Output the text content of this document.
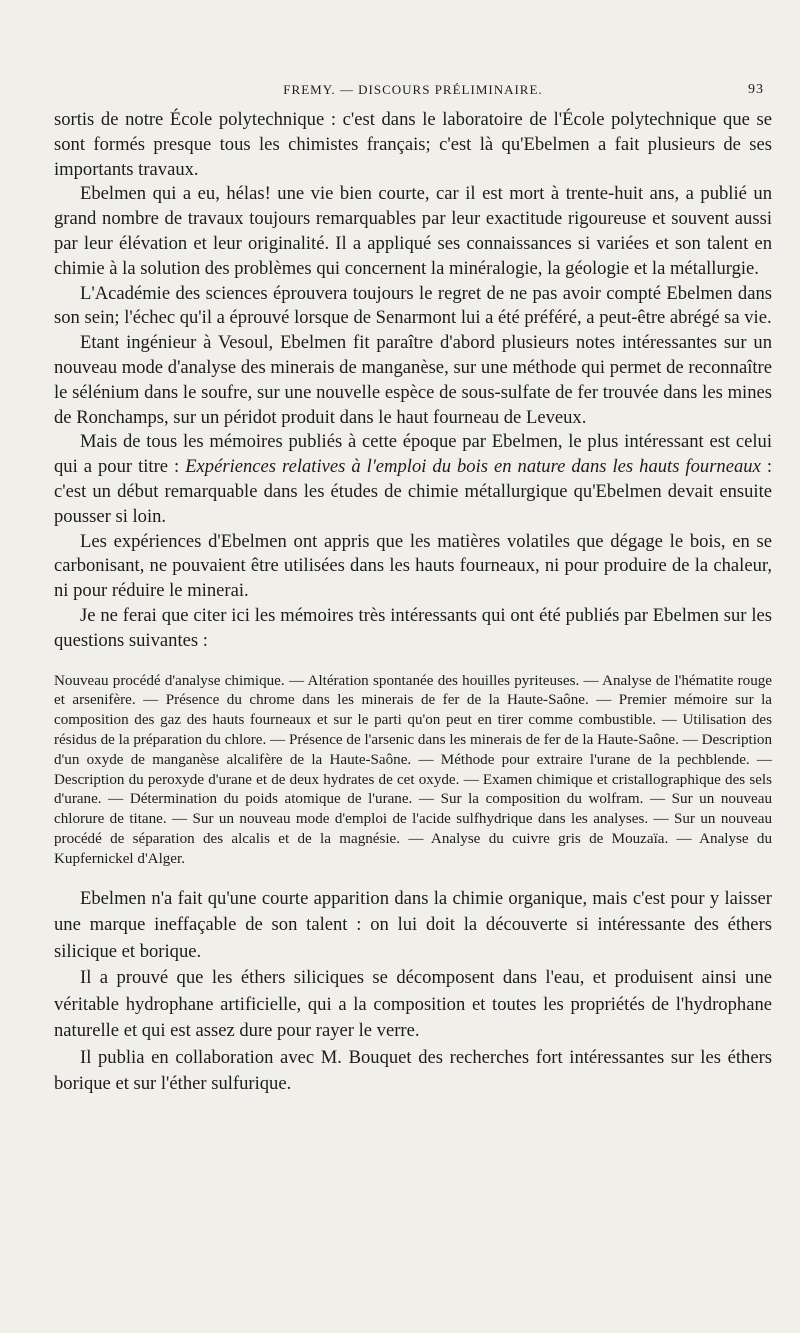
FREMY. — DISCOURS PRÉLIMINAIRE.	93

sortis de notre École polytechnique : c'est dans le laboratoire de l'École polytechnique que se sont formés presque tous les chimistes français; c'est là qu'Ebelmen a fait plusieurs de ses importants travaux.

Ebelmen qui a eu, hélas! une vie bien courte, car il est mort à trente-huit ans, a publié un grand nombre de travaux toujours remarquables par leur exactitude rigoureuse et souvent aussi par leur élévation et leur originalité. Il a appliqué ses connaissances si variées et son talent en chimie à la solution des problèmes qui concernent la minéralogie, la géologie et la métallurgie.

L'Académie des sciences éprouvera toujours le regret de ne pas avoir compté Ebelmen dans son sein; l'échec qu'il a éprouvé lorsque de Senarmont lui a été préféré, a peut-être abrégé sa vie.

Etant ingénieur à Vesoul, Ebelmen fit paraître d'abord plusieurs notes intéressantes sur un nouveau mode d'analyse des minerais de manganèse, sur une méthode qui permet de reconnaître le sélénium dans le soufre, sur une nouvelle espèce de sous-sulfate de fer trouvée dans les mines de Ronchamps, sur un péridot produit dans le haut fourneau de Leveux.

Mais de tous les mémoires publiés à cette époque par Ebelmen, le plus intéressant est celui qui a pour titre : Expériences relatives à l'emploi du bois en nature dans les hauts fourneaux : c'est un début remarquable dans les études de chimie métallurgique qu'Ebelmen devait ensuite pousser si loin.

Les expériences d'Ebelmen ont appris que les matières volatiles que dégage le bois, en se carbonisant, ne pouvaient être utilisées dans les hauts fourneaux, ni pour produire de la chaleur, ni pour réduire le minerai.

Je ne ferai que citer ici les mémoires très intéressants qui ont été publiés par Ebelmen sur les questions suivantes :

Nouveau procédé d'analyse chimique. — Altération spontanée des houilles pyriteuses. — Analyse de l'hématite rouge et arsenifère. — Présence du chrome dans les minerais de fer de la Haute-Saône. — Premier mémoire sur la composition des gaz des hauts fourneaux et sur le parti qu'on peut en tirer comme combustible. — Utilisation des résidus de la préparation du chlore. — Présence de l'arsenic dans les minerais de fer de la Haute-Saône. — Description d'un oxyde de manganèse alcalifère de la Haute-Saône. — Méthode pour extraire l'urane de la pechblende. — Description du peroxyde d'urane et de deux hydrates de cet oxyde. — Examen chimique et cristallographique des sels d'urane. — Détermination du poids atomique de l'urane. — Sur la composition du wolfram. — Sur un nouveau chlorure de titane. — Sur un nouveau mode d'emploi de l'acide sulfhydrique dans les analyses. — Sur un nouveau procédé de séparation des alcalis et de la magnésie. — Analyse du cuivre gris de Mouzaïa. — Analyse du Kupfernickel d'Alger.

Ebelmen n'a fait qu'une courte apparition dans la chimie organique, mais c'est pour y laisser une marque ineffaçable de son talent : on lui doit la découverte si intéressante des éthers silicique et borique.

Il a prouvé que les éthers siliciques se décomposent dans l'eau, et produisent ainsi une véritable hydrophane artificielle, qui a la composition et toutes les propriétés de l'hydrophane naturelle et qui est assez dure pour rayer le verre.

Il publia en collaboration avec M. Bouquet des recherches fort intéressantes sur les éthers borique et sur l'éther sulfurique.
